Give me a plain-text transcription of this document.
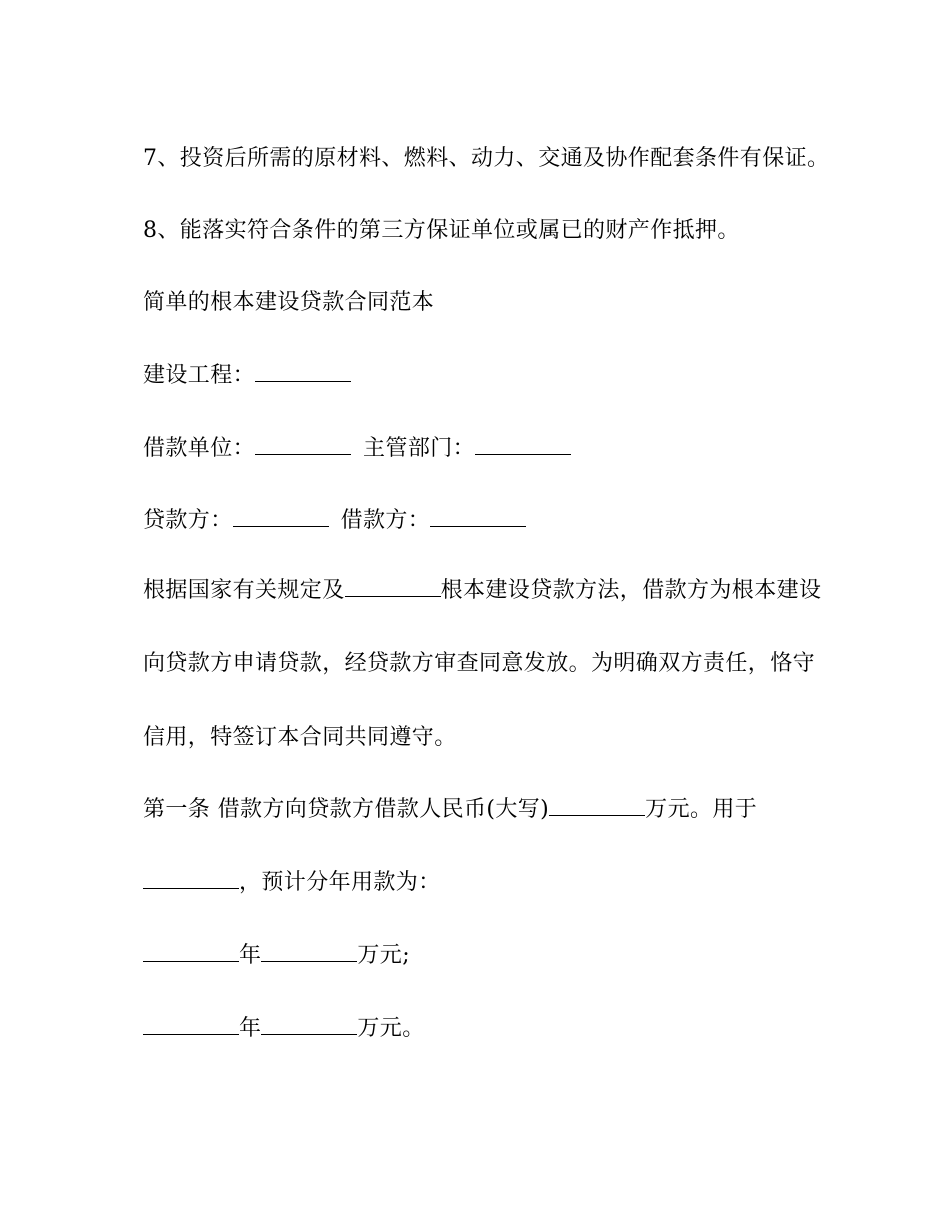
7、投资后所需的原材料、燃料、动力、交通及协作配套条件有保证。
8、能落实符合条件的第三方保证单位或属已的财产作抵押。
简单的根本建设贷款合同范本
建设工程：
借款单位：	主管部门：
贷款方：	借款方：
根据国家有关规定及	根本建设贷款方法，借款方为根本建设
向贷款方申请贷款，经贷款方审查同意发放。为明确双方责任，恪守
信用，特签订本合同共同遵守。
第一条 借款方向贷款方借款人民币(大写)	万元。用于
，预计分年用款为：
年	万元;
年	万元。
